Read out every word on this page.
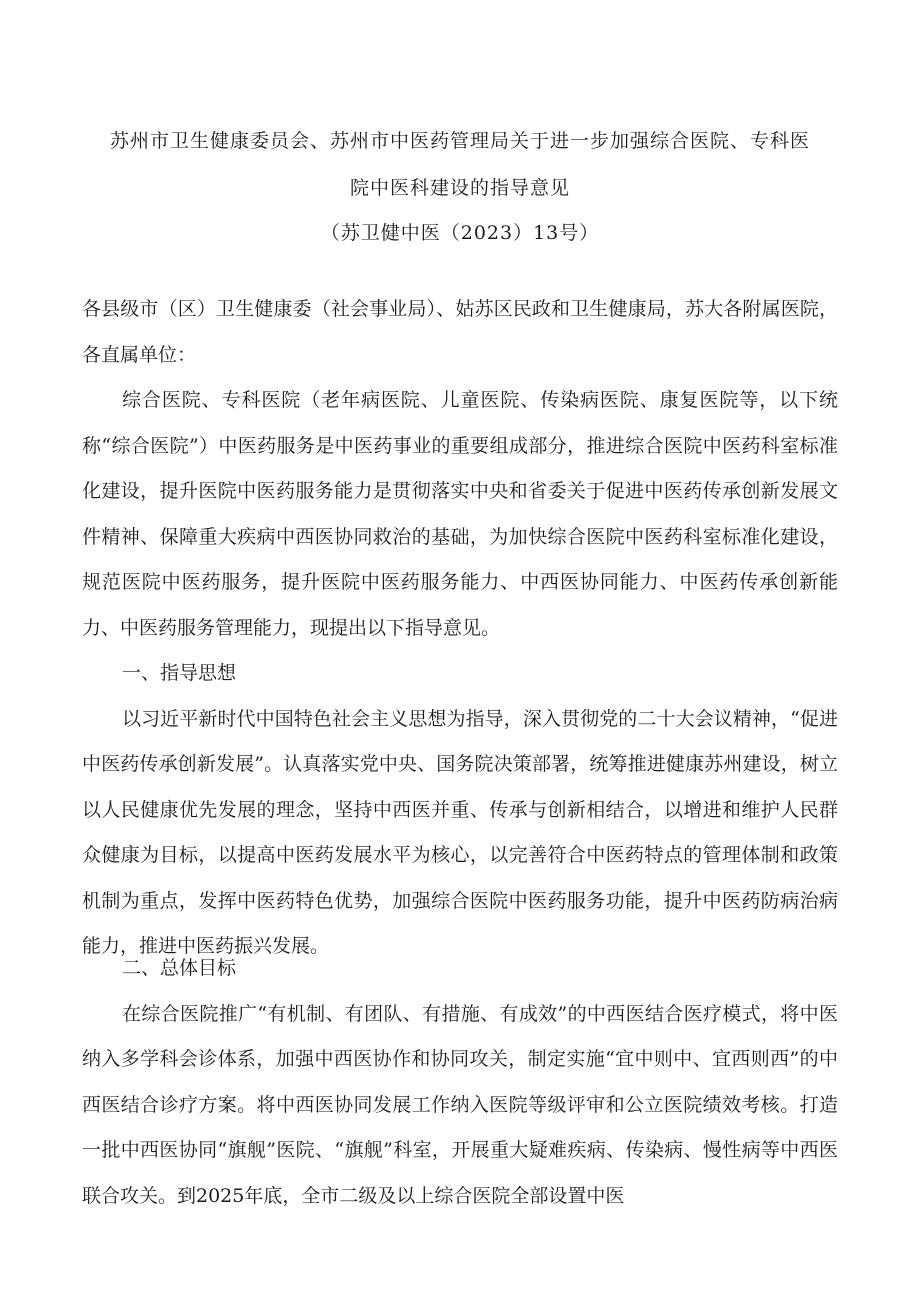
苏州市卫生健康委员会、苏州市中医药管理局关于进一步加强综合医院、专科医
院中医科建设的指导意见
（苏卫健中医（2023）13号）

各县级市（区）卫生健康委（社会事业局）、姑苏区民政和卫生健康局，苏大各附属医院，各直属单位：

综合医院、专科医院（老年病医院、儿童医院、传染病医院、康复医院等，以下统称“综合医院”）中医药服务是中医药事业的重要组成部分，推进综合医院中医药科室标准化建设，提升医院中医药服务能力是贯彻落实中央和省委关于促进中医药传承创新发展文件精神、保障重大疾病中西医协同救治的基础，为加快综合医院中医药科室标准化建设，规范医院中医药服务，提升医院中医药服务能力、中西医协同能力、中医药传承创新能力、中医药服务管理能力，现提出以下指导意见。

一、指导思想

以习近平新时代中国特色社会主义思想为指导，深入贯彻党的二十大会议精神，“促进中医药传承创新发展”。认真落实党中央、国务院决策部署，统筹推进健康苏州建设，树立以人民健康优先发展的理念，坚持中西医并重、传承与创新相结合，以增进和维护人民群众健康为目标，以提高中医药发展水平为核心，以完善符合中医药特点的管理体制和政策机制为重点，发挥中医药特色优势，加强综合医院中医药服务功能，提升中医药防病治病能力，推进中医药振兴发展。

二、总体目标

在综合医院推广“有机制、有团队、有措施、有成效”的中西医结合医疗模式，将中医纳入多学科会诊体系，加强中西医协作和协同攻关，制定实施“宜中则中、宜西则西”的中西医结合诊疗方案。将中西医协同发展工作纳入医院等级评审和公立医院绩效考核。打造一批中西医协同“旗舰”医院、“旗舰”科室，开展重大疑难疾病、传染病、慢性病等中西医联合攻关。到2025年底，全市二级及以上综合医院全部设置中医
